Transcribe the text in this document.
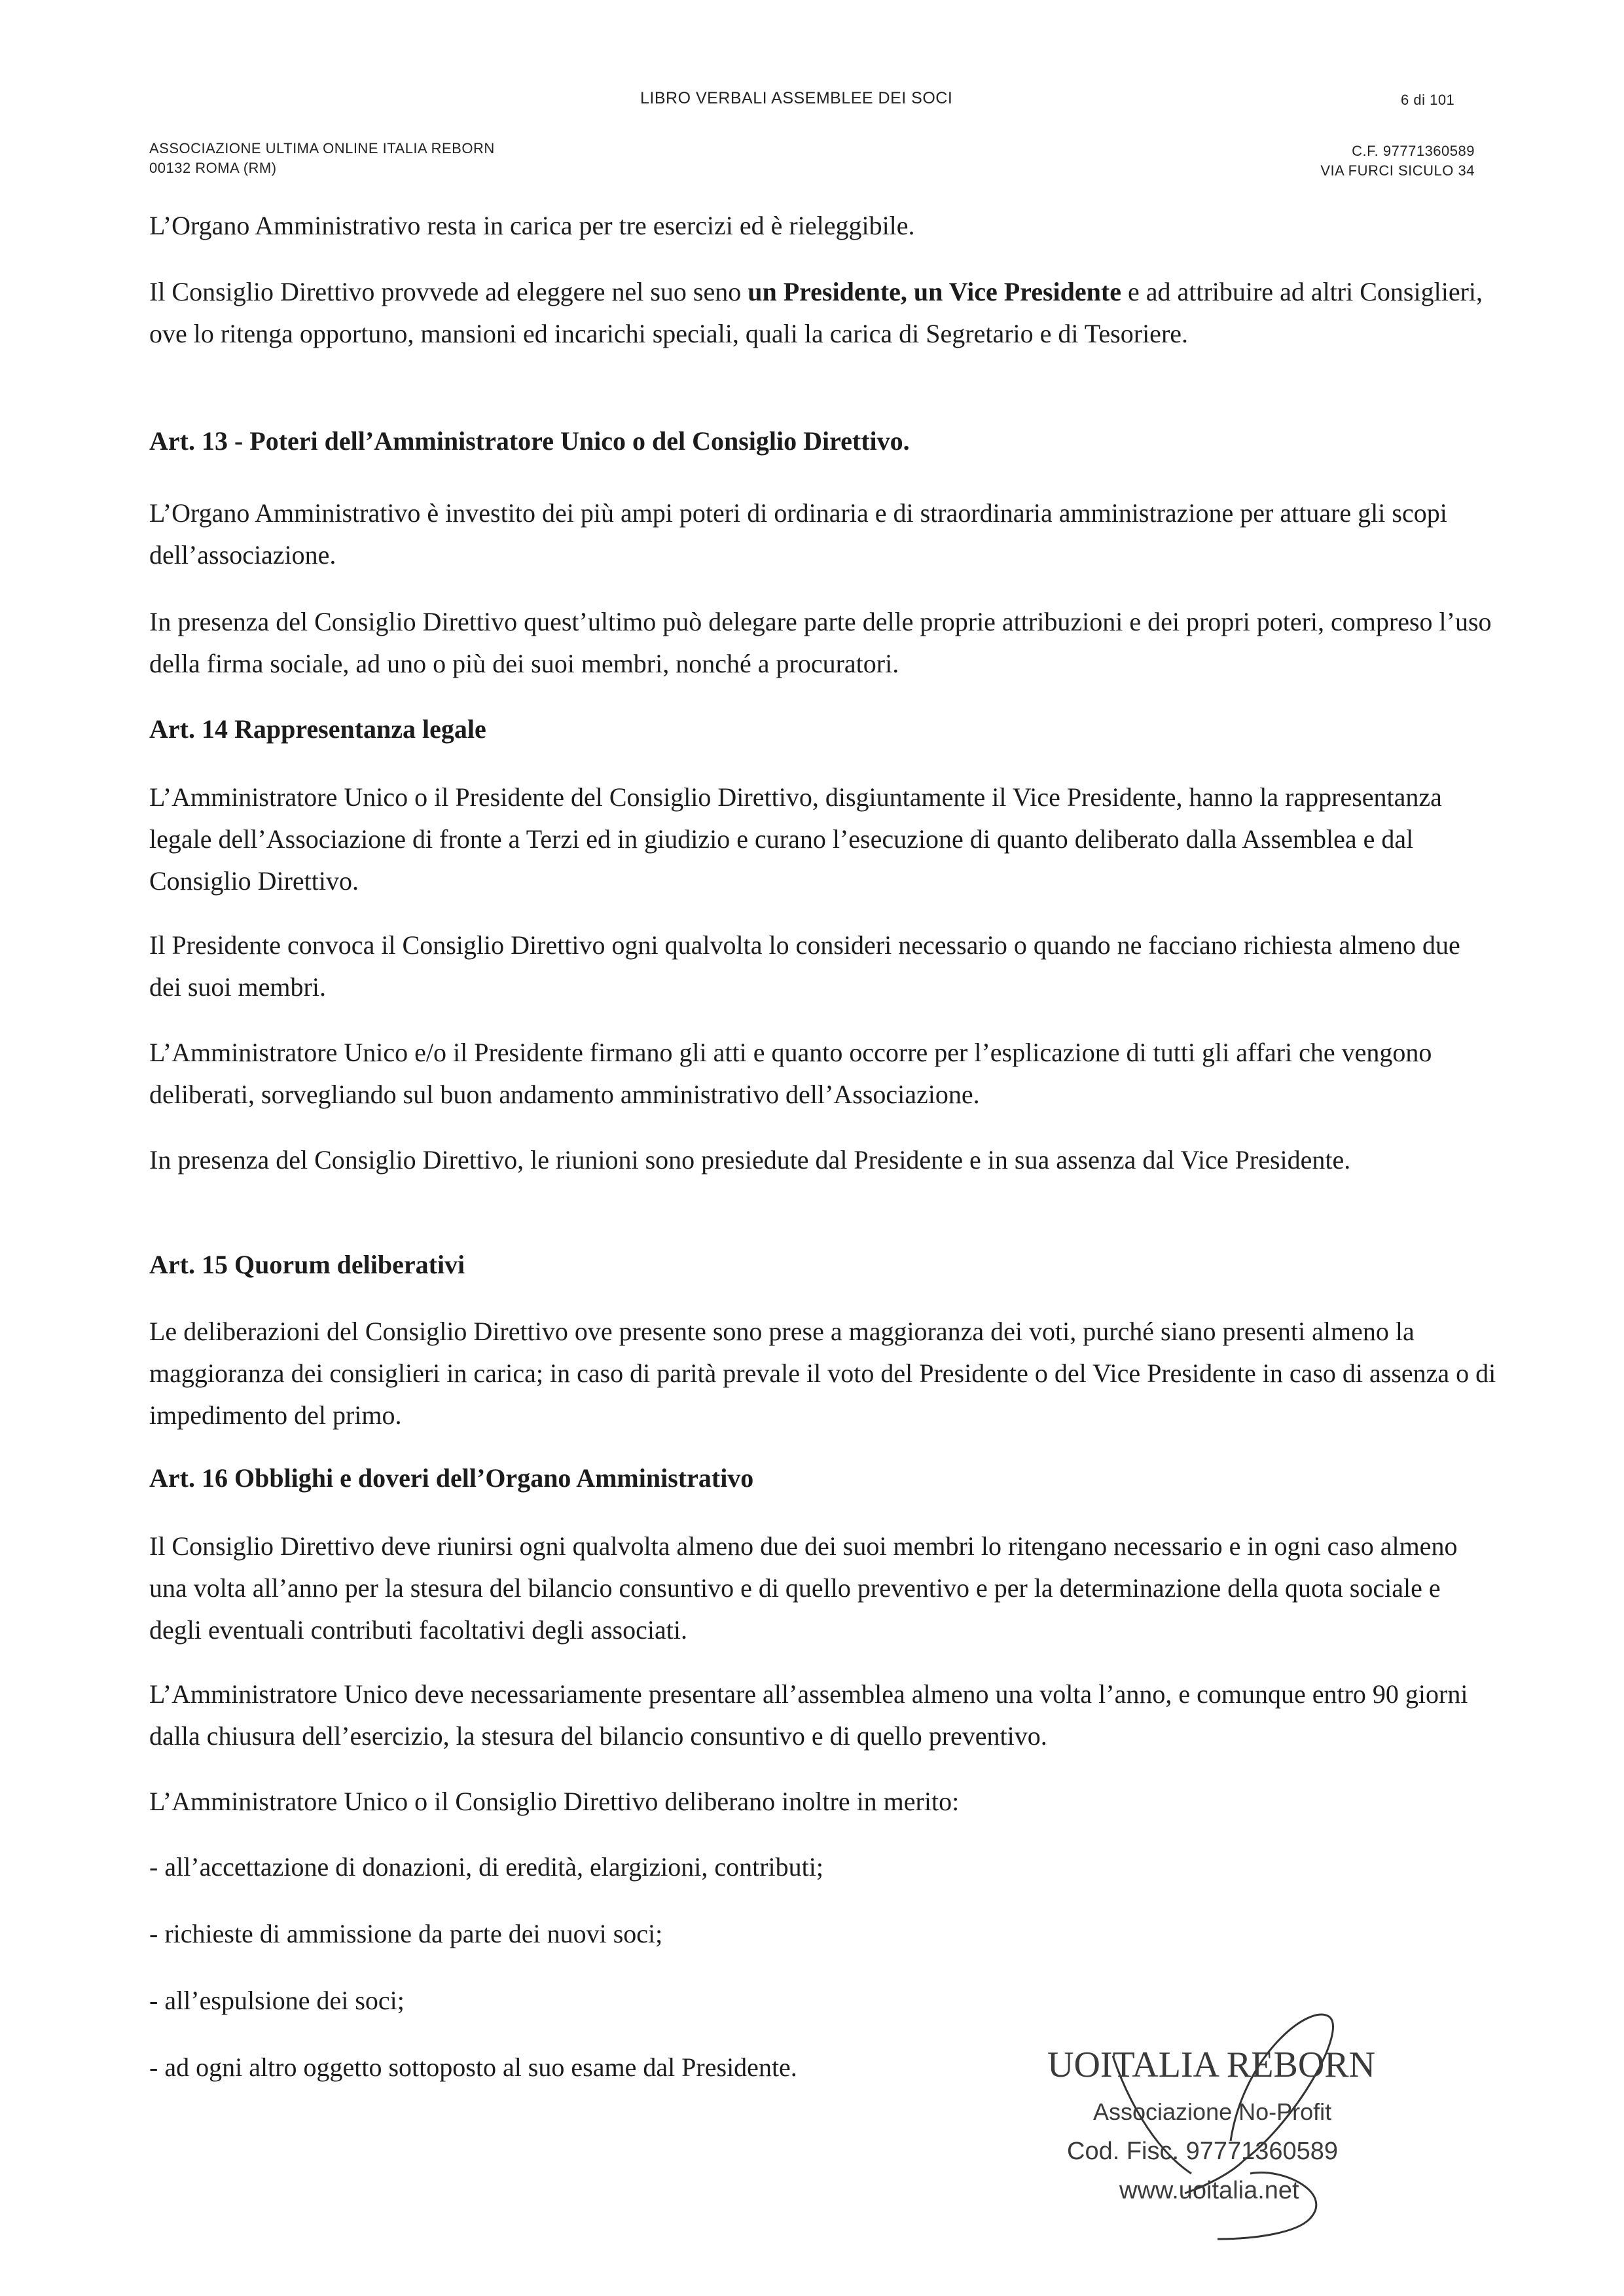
LIBRO VERBALI ASSEMBLEE DEI SOCI	6 di 101
ASSOCIAZIONE ULTIMA ONLINE ITALIA REBORN
00132 ROMA (RM)
C.F. 97771360589
VIA FURCI SICULO 34

L’Organo Amministrativo resta in carica per tre esercizi ed è rieleggibile.

Il Consiglio Direttivo provvede ad eleggere nel suo seno un Presidente, un Vice Presidente e ad attribuire ad altri Consiglieri, ove lo ritenga opportuno, mansioni ed incarichi speciali, quali la carica di Segretario e di Tesoriere.

Art. 13 - Poteri dell’Amministratore Unico o del Consiglio Direttivo.

L’Organo Amministrativo è investito dei più ampi poteri di ordinaria e di straordinaria amministrazione per attuare gli scopi dell’associazione.

In presenza del Consiglio Direttivo quest’ultimo può delegare parte delle proprie attribuzioni e dei propri poteri, compreso l’uso della firma sociale, ad uno o più dei suoi membri, nonché a procuratori.

Art. 14 Rappresentanza legale

L’Amministratore Unico o il Presidente del Consiglio Direttivo, disgiuntamente il Vice Presidente, hanno la rappresentanza legale dell’Associazione di fronte a Terzi ed in giudizio e curano l’esecuzione di quanto deliberato dalla Assemblea e dal Consiglio Direttivo.

Il Presidente convoca il Consiglio Direttivo ogni qualvolta lo consideri necessario o quando ne facciano richiesta almeno due dei suoi membri.

L’Amministratore Unico e/o il Presidente firmano gli atti e quanto occorre per l’esplicazione di tutti gli affari che vengono deliberati, sorvegliando sul buon andamento amministrativo dell’Associazione.

In presenza del Consiglio Direttivo, le riunioni sono presiedute dal Presidente e in sua assenza dal Vice Presidente.

Art. 15 Quorum deliberativi

Le deliberazioni del Consiglio Direttivo ove presente sono prese a maggioranza dei voti, purché siano presenti almeno la maggioranza dei consiglieri in carica; in caso di parità prevale il voto del Presidente o del Vice Presidente in caso di assenza o di impedimento del primo.

Art. 16 Obblighi e doveri dell’Organo Amministrativo

Il Consiglio Direttivo deve riunirsi ogni qualvolta almeno due dei suoi membri lo ritengano necessario e in ogni caso almeno una volta all’anno per la stesura del bilancio consuntivo e di quello preventivo e per la determinazione della quota sociale e degli eventuali contributi facoltativi degli associati.

L’Amministratore Unico deve necessariamente presentare all’assemblea almeno una volta l’anno, e comunque entro 90 giorni dalla chiusura dell’esercizio, la stesura del bilancio consuntivo e di quello preventivo.

L’Amministratore Unico o il Consiglio Direttivo deliberano inoltre in merito:

- all’accettazione di donazioni, di eredità, elargizioni, contributi;

- richieste di ammissione da parte dei nuovi soci;

- all’espulsione dei soci;

- ad ogni altro oggetto sottoposto al suo esame dal Presidente.	UOITALIA REBORN
Associazione No-Profit
Cod. Fisc. 97771360589
www.uoitalia.net
